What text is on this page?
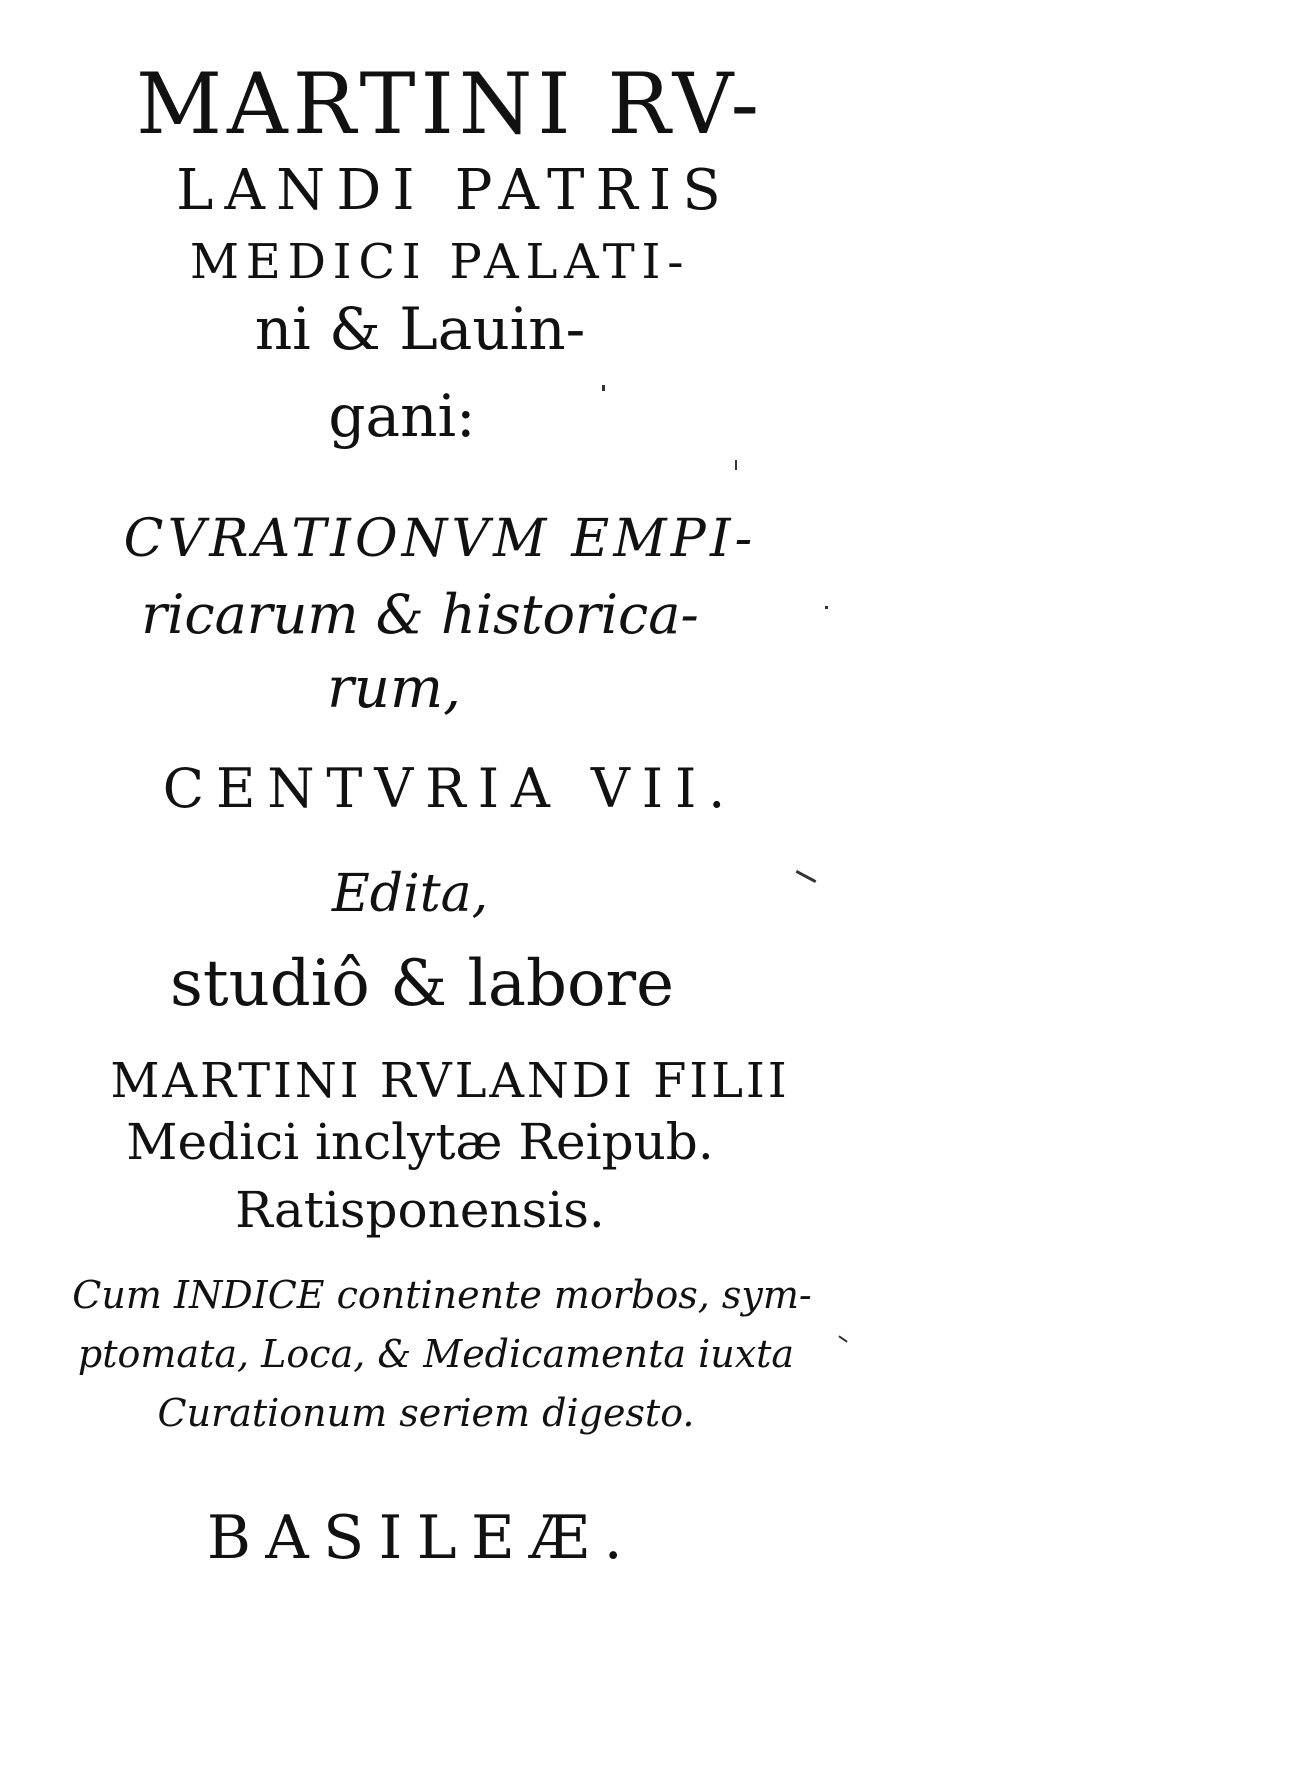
MARTINI RV-
LANDI PATRIS
MEDICI PALATI-
ni & Lauin-
gani:
CVRATIONVM EMPI-
ricarum & historica-
rum,
CENTVRIA VII.
Edita,
studiô & labore
MARTINI RVLANDI FILII
Medici inclytæ Reipub.
Ratisponensis.
Cum INDICE continente morbos, sym-
ptomata, Loca, & Medicamenta iuxta
Curationum seriem digesto.
BASILEÆ.
